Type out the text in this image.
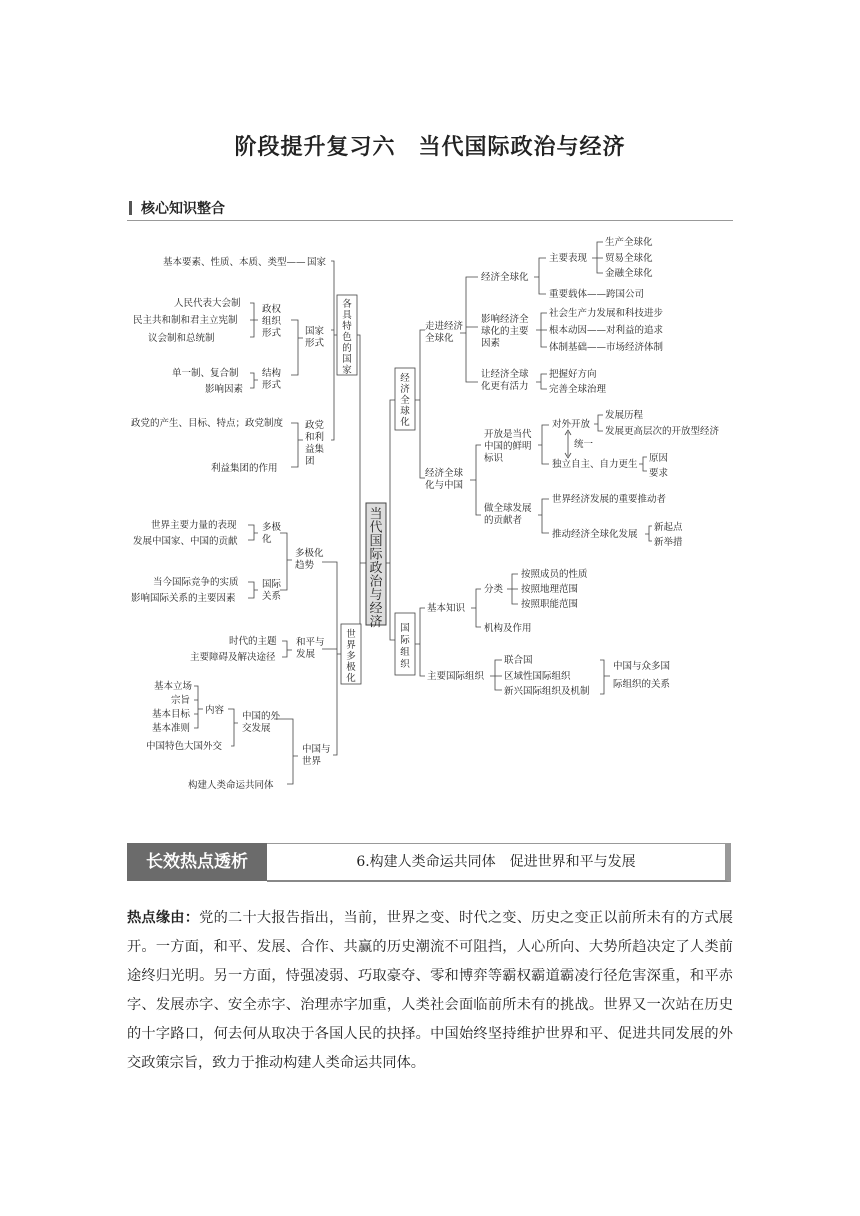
阶段提升复习六　当代国际政治与经济
核心知识整合
当代国际政治与经济
各具特色的国家
国家
基本要素、性质、本质、类型——
国家
形式
政权
组织
形式
人民代表大会制
民主共和制和君主立宪制
议会制和总统制
结构
形式
单一制、复合制
影响因素
政党
和利
益集
团
政党的产生、目标、特点；政党制度
利益集团的作用
世界多极化
多极化
趋势
多极
化
世界主要力量的表现
发展中国家、中国的贡献
国际
关系
当今国际竞争的实质
影响国际关系的主要因素
和平与
发展
时代的主题
主要障碍及解决途径
中国与
世界
中国的外
交发展
内容
基本立场
宗旨
基本目标
基本准则
中国特色大国外交
构建人类命运共同体
经济全球化
走进经济
全球化
经济全球化
主要表现
生产全球化
贸易全球化
金融全球化
重要载体——跨国公司
影响经济全
球化的主要
因素
社会生产力发展和科技进步
根本动因——对利益的追求
体制基础——市场经济体制
让经济全球
化更有活力
把握好方向
完善全球治理
经济全球
化与中国
开放是当代
中国的鲜明
标识
对外开放
发展历程
发展更高层次的开放型经济
统一
独立自主、自力更生
原因
要求
做全球发展
的贡献者
世界经济发展的重要推动者
推动经济全球化发展
新起点
新举措
国际组织
基本知识
分类
按照成员的性质
按照地理范围
按照职能范围
机构及作用
主要国际组织
联合国
区域性国际组织
新兴国际组织及机制
中国与众多国
际组织的关系
长效热点透析	6.构建人类命运共同体　促进世界和平与发展
热点缘由：党的二十大报告指出，当前，世界之变、时代之变、历史之变正以前所未有的方式展开。一方面，和平、发展、合作、共赢的历史潮流不可阻挡，人心所向、大势所趋决定了人类前途终归光明。另一方面，恃强凌弱、巧取豪夺、零和博弈等霸权霸道霸凌行径危害深重，和平赤字、发展赤字、安全赤字、治理赤字加重，人类社会面临前所未有的挑战。世界又一次站在历史的十字路口，何去何从取决于各国人民的抉择。中国始终坚持维护世界和平、促进共同发展的外交政策宗旨，致力于推动构建人类命运共同体。
